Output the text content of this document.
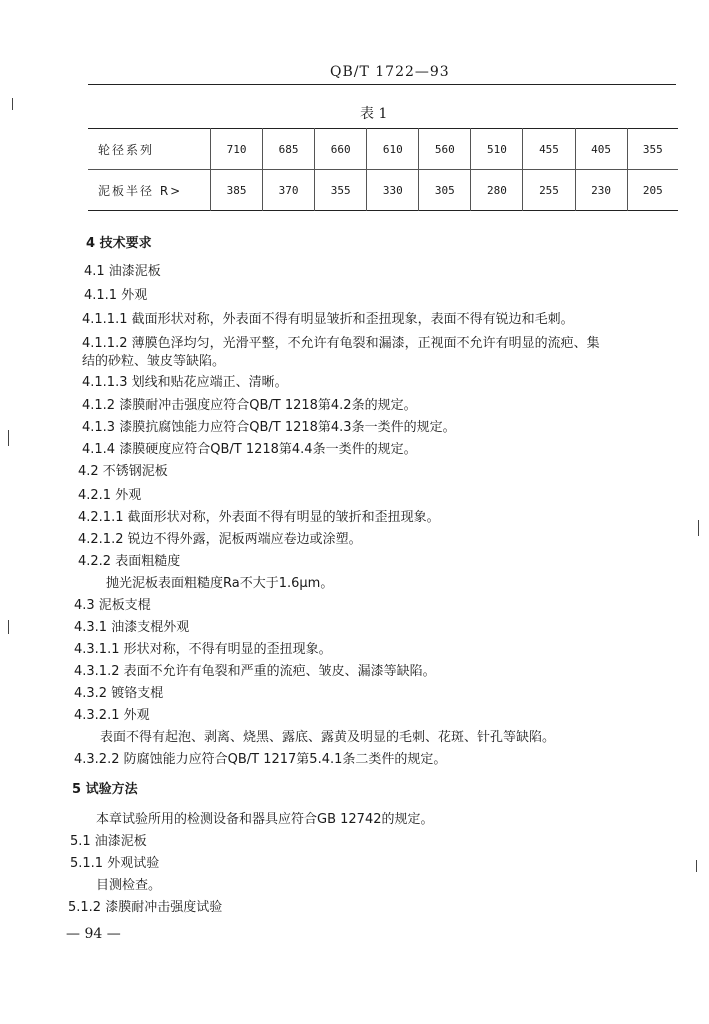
QB/T 1722—93
表 1
轮径系列	710	685	660	610	560	510	455	405	355
泥板半径 R>	385	370	355	330	305	280	255	230	205
4 技术要求
4.1 油漆泥板
4.1.1 外观
4.1.1.1 截面形状对称，外表面不得有明显皱折和歪扭现象，表面不得有锐边和毛刺。
4.1.1.2 薄膜色泽均匀，光滑平整，不允许有龟裂和漏漆，正视面不允许有明显的流疤、集
结的砂粒、皱皮等缺陷。
4.1.1.3 划线和贴花应端正、清晰。
4.1.2 漆膜耐冲击强度应符合QB/T 1218第4.2条的规定。
4.1.3 漆膜抗腐蚀能力应符合QB/T 1218第4.3条一类件的规定。
4.1.4 漆膜硬度应符合QB/T 1218第4.4条一类件的规定。
4.2 不锈钢泥板
4.2.1 外观
4.2.1.1 截面形状对称，外表面不得有明显的皱折和歪扭现象。
4.2.1.2 锐边不得外露，泥板两端应卷边或涂塑。
4.2.2 表面粗糙度
抛光泥板表面粗糙度Ra不大于1.6μm。
4.3 泥板支棍
4.3.1 油漆支棍外观
4.3.1.1 形状对称，不得有明显的歪扭现象。
4.3.1.2 表面不允许有龟裂和严重的流疤、皱皮、漏漆等缺陷。
4.3.2 镀铬支棍
4.3.2.1 外观
表面不得有起泡、剥离、烧黑、露底、露黄及明显的毛刺、花斑、针孔等缺陷。
4.3.2.2 防腐蚀能力应符合QB/T 1217第5.4.1条二类件的规定。
5 试验方法
本章试验所用的检测设备和器具应符合GB 12742的规定。
5.1 油漆泥板
5.1.1 外观试验
目测检查。
5.1.2 漆膜耐冲击强度试验
— 94 —
